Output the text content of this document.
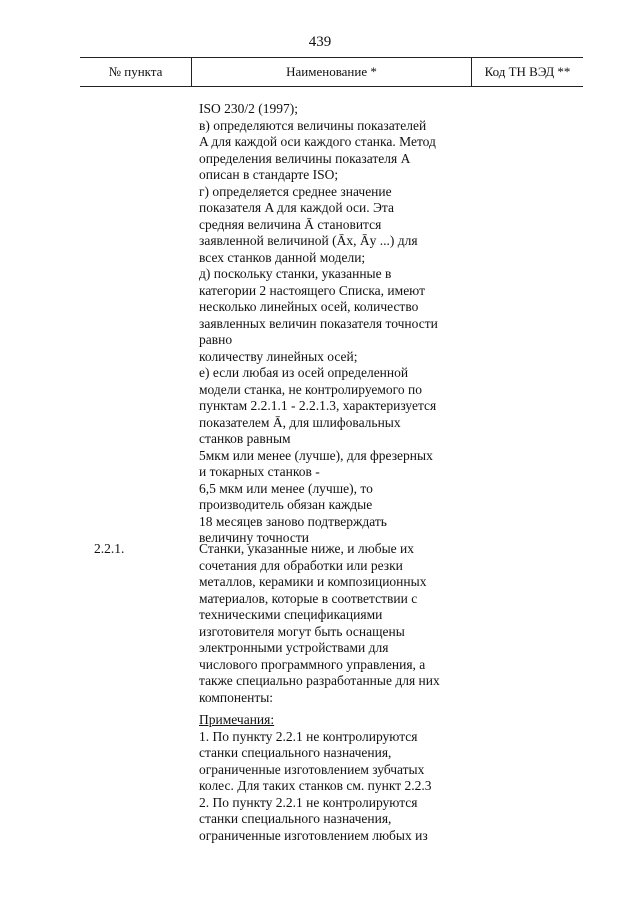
439
№ пункта	Наименование *	Код ТН ВЭД **
ISO 230/2 (1997);
в) определяются величины показателей
A для каждой оси каждого станка. Метод
определения величины показателя A
описан в стандарте ISO;
г) определяется среднее значение
показателя A для каждой оси. Эта
средняя величина Ā становится
заявленной величиной (Āx, Āy ...) для
всех станков данной модели;
д) поскольку станки, указанные в
категории 2 настоящего Списка, имеют
несколько линейных осей, количество
заявленных величин показателя точности
равно
количеству линейных осей;
е) если любая из осей определенной
модели станка, не контролируемого по
пунктам 2.2.1.1 - 2.2.1.3, характеризуется
показателем Ā, для шлифовальных
станков равным
5мкм или менее (лучше), для фрезерных
и токарных станков -
6,5 мкм или менее (лучше), то
производитель обязан каждые
18 месяцев заново подтверждать
величину точности
2.2.1.	Станки, указанные ниже, и любые их
сочетания для обработки или резки
металлов, керамики и композиционных
материалов, которые в соответствии с
техническими спецификациями
изготовителя могут быть оснащены
электронными устройствами для
числового программного управления, а
также специально разработанные для них
компоненты:
Примечания:
1. По пункту 2.2.1 не контролируются
станки специального назначения,
ограниченные изготовлением зубчатых
колес. Для таких станков см. пункт 2.2.3
2. По пункту 2.2.1 не контролируются
станки специального назначения,
ограниченные изготовлением любых из
